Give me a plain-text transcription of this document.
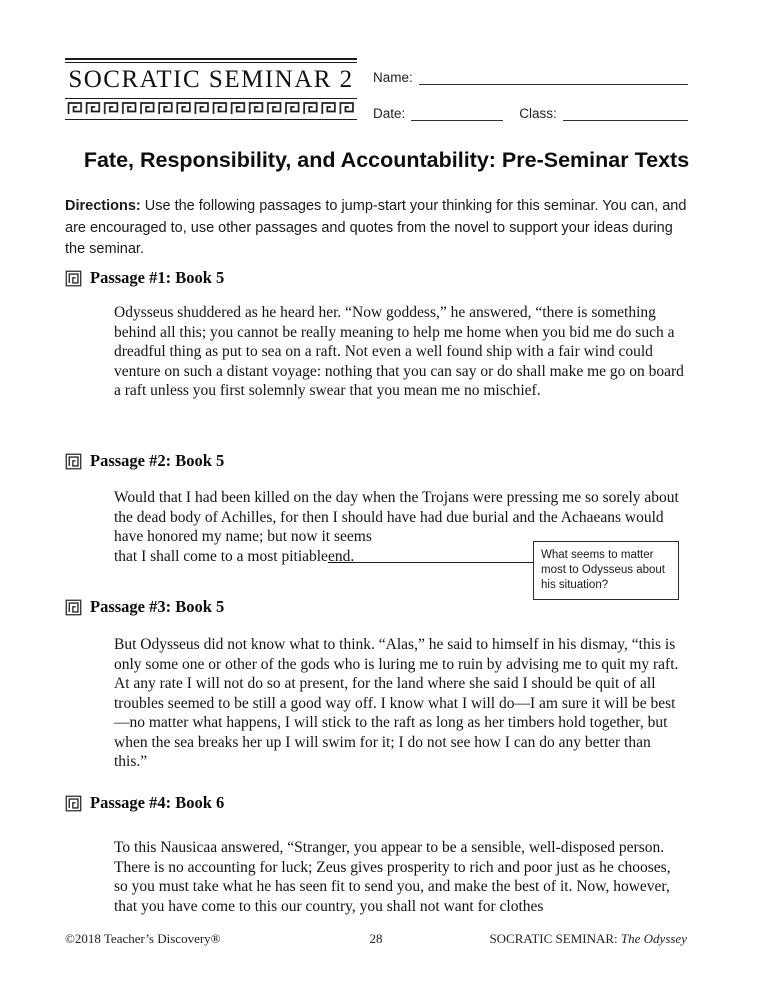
SOCRATIC SEMINAR 2 Name:
Date:	Class:
Fate, Responsibility, and Accountability: Pre-Seminar Texts

Directions: Use the following passages to jump-start your thinking for this seminar. You can, and are encouraged to, use other passages and quotes from the novel to support your ideas during the seminar.

Passage #1: Book 5

Odysseus shuddered as he heard her. “Now goddess,” he answered, “there is something behind all this; you cannot be really meaning to help me home when you bid me do such a dreadful thing as put to sea on a raft. Not even a well found ship with a fair wind could venture on such a distant voyage: nothing that you can say or do shall make me go on board a raft unless you first solemnly swear that you mean me no mischief.

Passage #2: Book 5
Would that I had been killed on the day when the Trojans were pressing me so sorely about the dead body of Achilles, for then I should have had due burial and the Achaeans would have honored my name; but now it seems
that I shall come to a most pitiable end.	What seems to matter most to Odysseus about his situation?
Passage #3: Book 5

But Odysseus did not know what to think. “Alas,” he said to himself in his dismay, “this is only some one or other of the gods who is luring me to ruin by advising me to quit my raft. At any rate I will not do so at present, for the land where she said I should be quit of all troubles seemed to be still a good way off. I know what I will do—I am sure it will be best—no matter what happens, I will stick to the raft as long as her timbers hold together, but when the sea breaks her up I will swim for it; I do not see how I can do any better than this.”

Passage #4: Book 6

To this Nausicaa answered, “Stranger, you appear to be a sensible, well-disposed person. There is no accounting for luck; Zeus gives prosperity to rich and poor just as he chooses, so you must take what he has seen fit to send you, and make the best of it. Now, however, that you have come to this our country, you shall not want for clothes

©2018 Teacher’s Discovery®	28	SOCRATIC SEMINAR: The Odyssey
